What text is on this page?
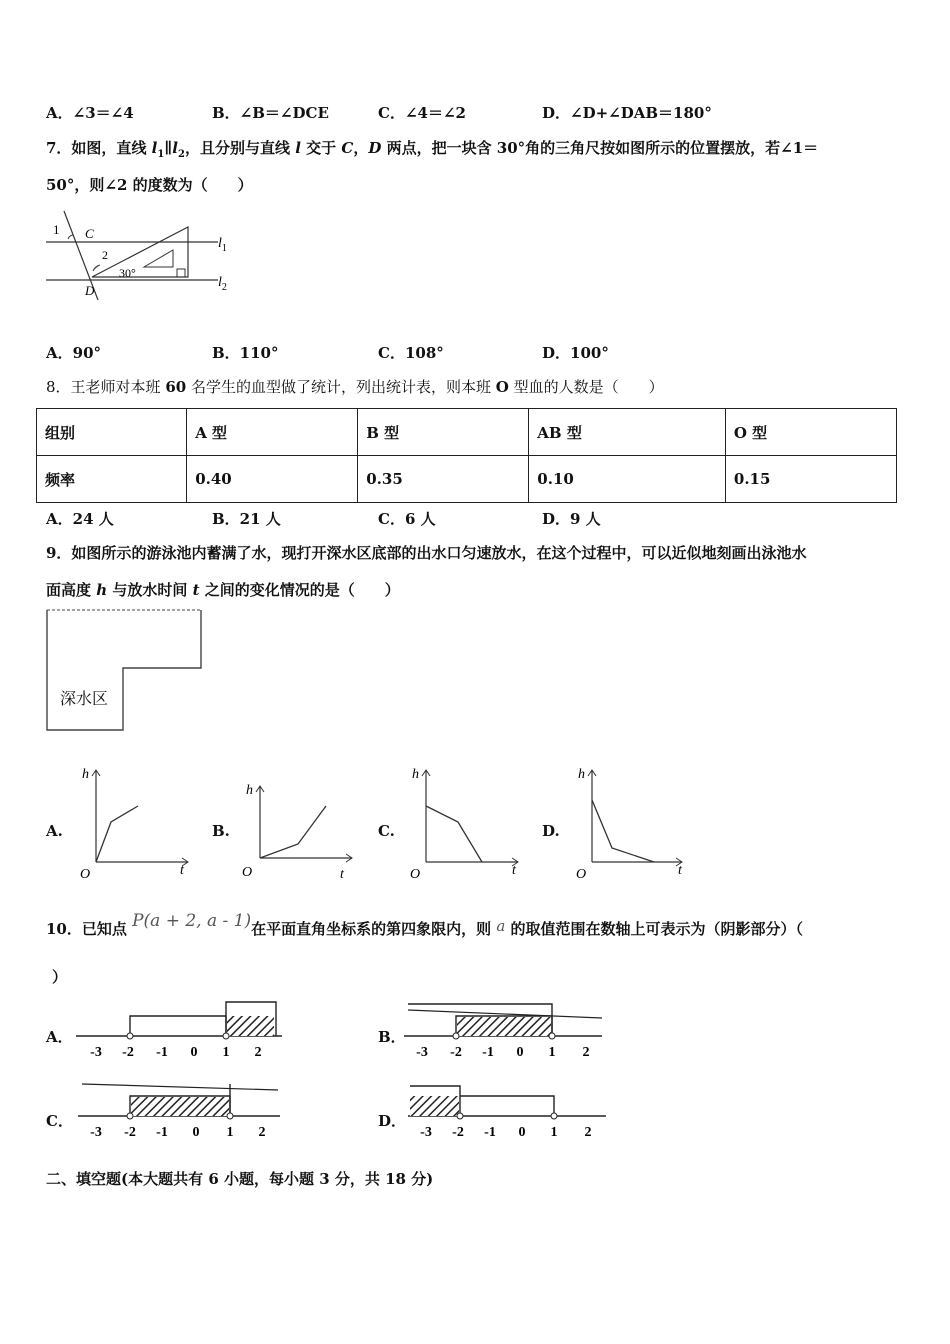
A．∠3＝∠4	B．∠B＝∠DCE	C．∠4＝∠2	D．∠D+∠DAB＝180°
7．如图，直线 $l_1\parallel l_2$，且分别与直线 l 交于 C，D 两点，把一块含 30°角的三角尺按如图所示的位置摆放，若∠1＝
50°，则∠2 的度数为（　　）
1 C
2
30°
D
$l_1$
$l_2$
A．90°	B．110°	C．108°	D．100°
8．王老师对本班 60 名学生的血型做了统计，列出统计表，则本班 O 型血的人数是（　　）
组别	A 型	B 型	AB 型	O 型
频率	0.40	0.35	0.10	0.15
A．24 人	B．21 人	C．6 人	D．9 人
9．如图所示的游泳池内蓄满了水，现打开深水区底部的出水口匀速放水，在这个过程中，可以近似地刻画出泳池水
面高度 h 与放水时间 t 之间的变化情况的是（　　）
深水区
A.
h
t
O
B.
h
t
O
C.
h
t
O
D.
h
t
O
10．已知点 P(a + 2, a - 1)在平面直角坐标系的第四象限内，则 a 的取值范围在数轴上可表示为（阴影部分）（
）
A．
-3 -2 -1 0 1 2
B．
-3 -2 -1 0 1 2
C．
-3 -2 -1 0 1 2
D．
-3 -2 -1 0 1 2
二、填空题(本大题共有 6 小题，每小题 3 分，共 18 分)
